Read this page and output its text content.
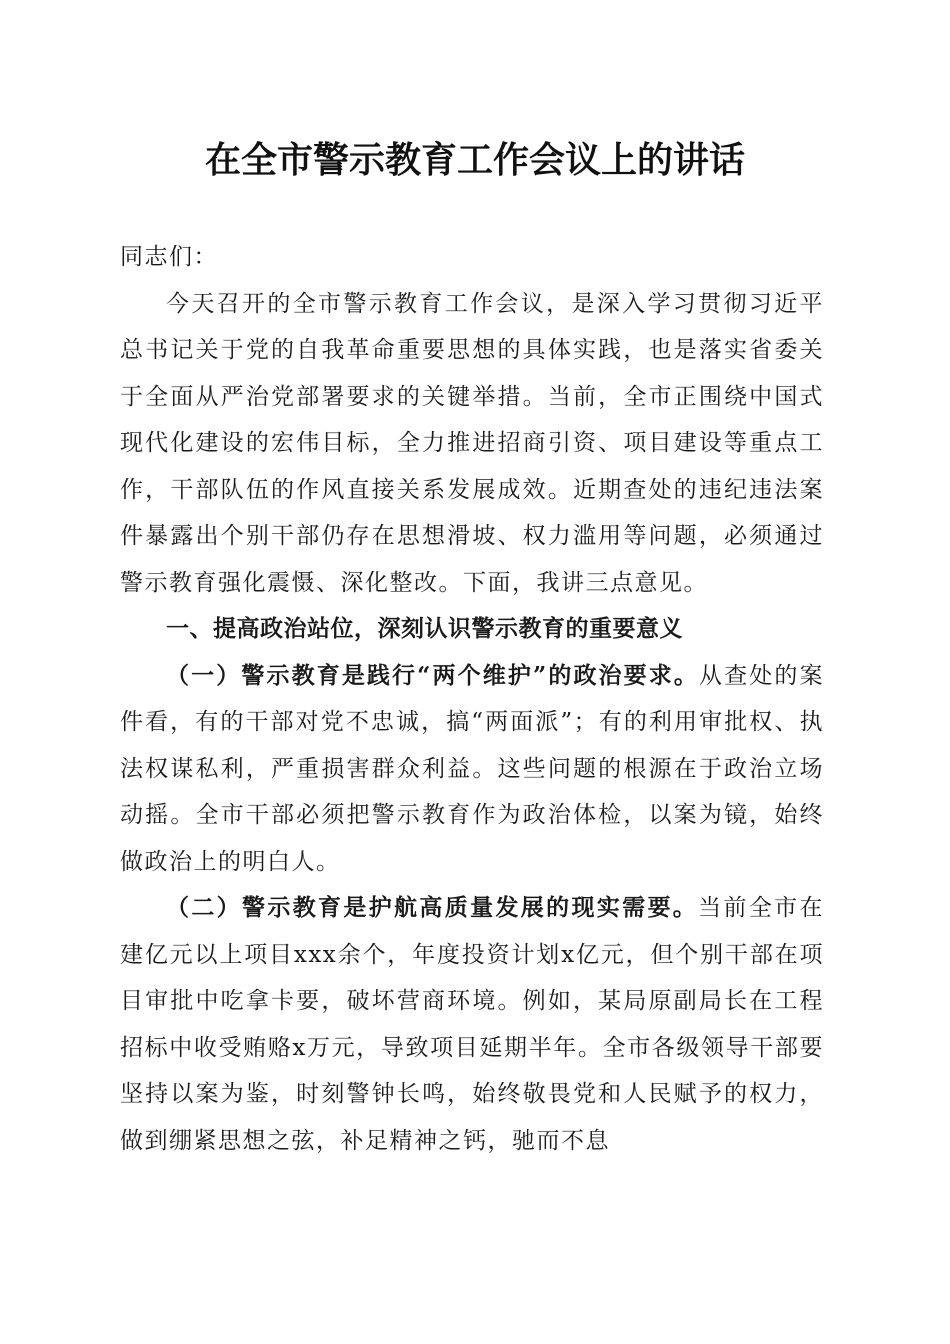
在全市警示教育工作会议上的讲话

同志们：

今天召开的全市警示教育工作会议，是深入学习贯彻习近平总书记关于党的自我革命重要思想的具体实践，也是落实省委关于全面从严治党部署要求的关键举措。当前，全市正围绕中国式现代化建设的宏伟目标，全力推进招商引资、项目建设等重点工作，干部队伍的作风直接关系发展成效。近期查处的违纪违法案件暴露出个别干部仍存在思想滑坡、权力滥用等问题，必须通过警示教育强化震慑、深化整改。下面，我讲三点意见。

一、提高政治站位，深刻认识警示教育的重要意义

（一）警示教育是践行“两个维护”的政治要求。从查处的案件看，有的干部对党不忠诚，搞“两面派”；有的利用审批权、执法权谋私利，严重损害群众利益。这些问题的根源在于政治立场动摇。全市干部必须把警示教育作为政治体检，以案为镜，始终做政治上的明白人。

（二）警示教育是护航高质量发展的现实需要。当前全市在建亿元以上项目xxx余个，年度投资计划x亿元，但个别干部在项目审批中吃拿卡要，破坏营商环境。例如，某局原副局长在工程招标中收受贿赂x万元，导致项目延期半年。全市各级领导干部要坚持以案为鉴，时刻警钟长鸣，始终敬畏党和人民赋予的权力，做到绷紧思想之弦，补足精神之钙，驰而不息
